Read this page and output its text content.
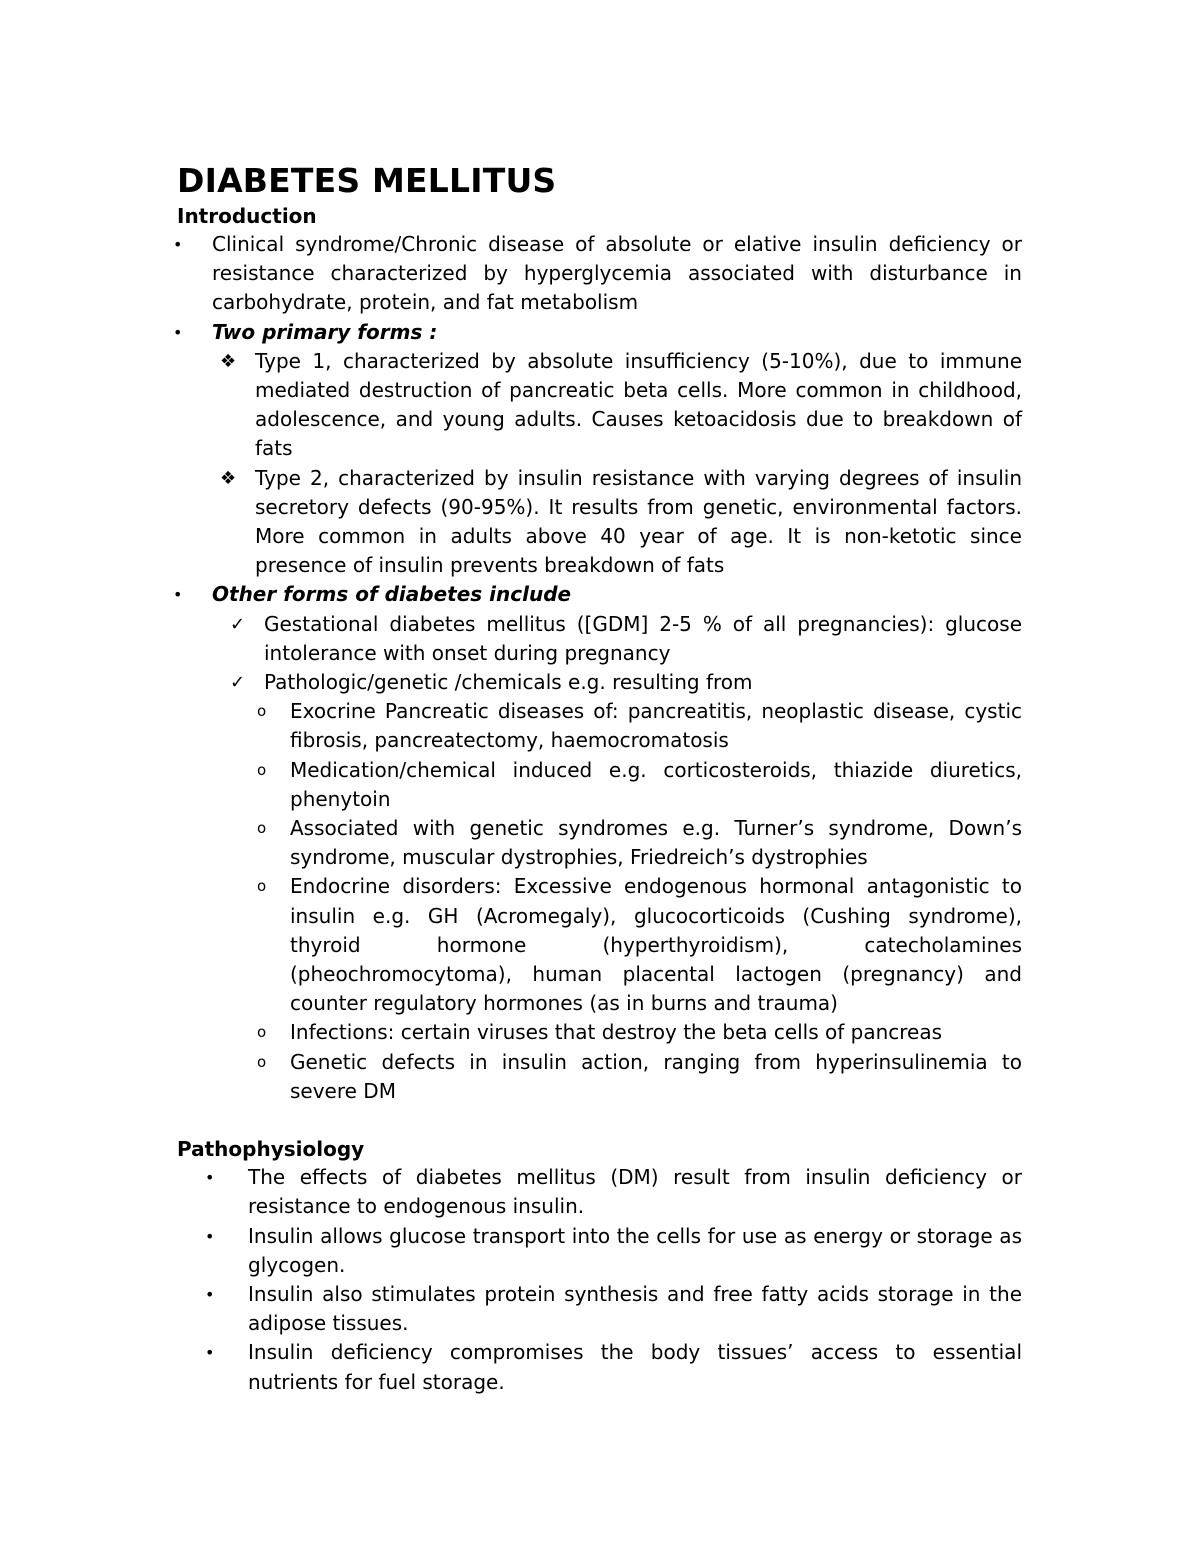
DIABETES MELLITUS
Introduction
• Clinical syndrome/Chronic disease of absolute or elative insulin deficiency or resistance characterized by hyperglycemia associated with disturbance in carbohydrate, protein, and fat metabolism
• Two primary forms :
❖ Type 1, characterized by absolute insufficiency (5-10%), due to immune mediated destruction of pancreatic beta cells. More common in childhood, adolescence, and young adults. Causes ketoacidosis due to breakdown of fats
❖ Type 2, characterized by insulin resistance with varying degrees of insulin secretory defects (90-95%). It results from genetic, environmental factors. More common in adults above 40 year of age. It is non-ketotic since presence of insulin prevents breakdown of fats
• Other forms of diabetes include
✓ Gestational diabetes mellitus ([GDM] 2-5 % of all pregnancies): glucose intolerance with onset during pregnancy
✓ Pathologic/genetic /chemicals e.g. resulting from
o Exocrine Pancreatic diseases of: pancreatitis, neoplastic disease, cystic fibrosis, pancreatectomy, haemocromatosis
o Medication/chemical induced e.g. corticosteroids, thiazide diuretics, phenytoin
o Associated with genetic syndromes e.g. Turner’s syndrome, Down’s syndrome, muscular dystrophies, Friedreich’s dystrophies
o Endocrine disorders: Excessive endogenous hormonal antagonistic to insulin e.g. GH (Acromegaly), glucocorticoids (Cushing syndrome), thyroid hormone (hyperthyroidism), catecholamines (pheochromocytoma), human placental lactogen (pregnancy) and counter regulatory hormones (as in burns and trauma)
o Infections: certain viruses that destroy the beta cells of pancreas
o Genetic defects in insulin action, ranging from hyperinsulinemia to severe DM
Pathophysiology
• The effects of diabetes mellitus (DM) result from insulin deficiency or resistance to endogenous insulin.
• Insulin allows glucose transport into the cells for use as energy or storage as glycogen.
• Insulin also stimulates protein synthesis and free fatty acids storage in the adipose tissues.
• Insulin deficiency compromises the body tissues’ access to essential nutrients for fuel storage.
